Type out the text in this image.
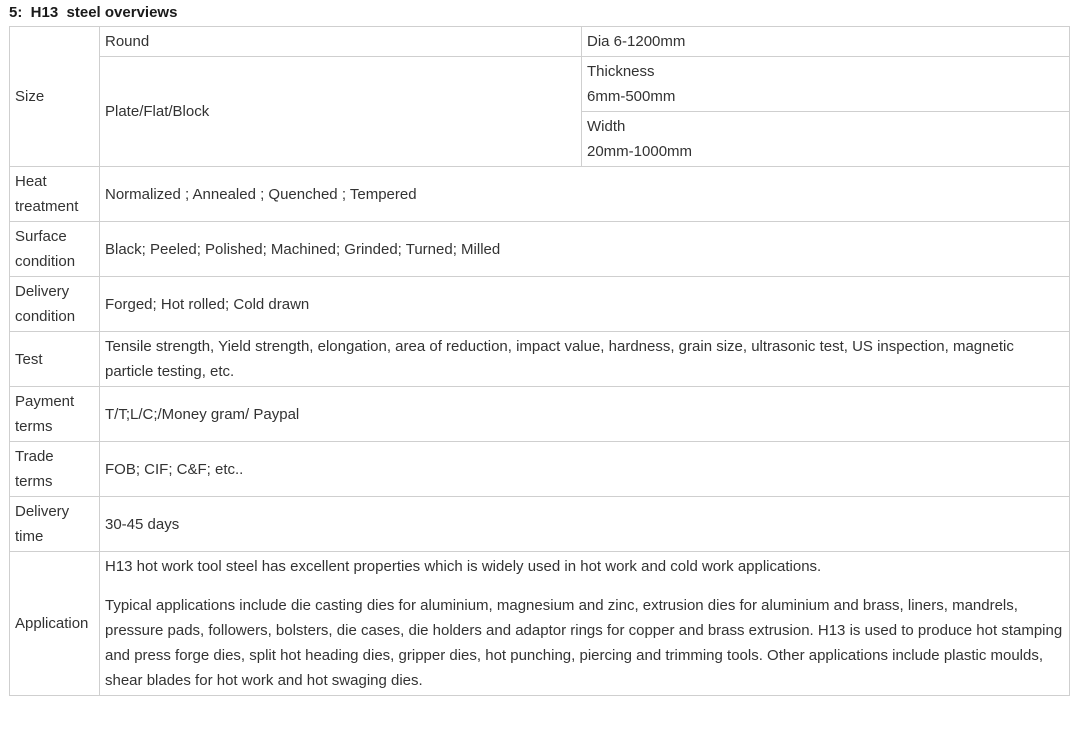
5:  H13  steel overviews
Size	Round	Dia 6-1200mm
	Plate/Flat/Block	Thickness
6mm-500mm

		Width
20mm-1000mm

Heat
treatment	Normalized ; Annealed ; Quenched ; Tempered	

Surface
condition	Black; Peeled; Polished; Machined; Grinded; Turned; Milled	

Delivery
condition	Forged; Hot rolled; Cold drawn	
Test	Tensile strength, Yield strength, elongation, area of reduction, impact value, hardness, grain size, ultrasonic test, US inspection, magnetic particle testing, etc.	

Payment
terms	T/T;L/C;/Money gram/ Paypal	

Trade
terms	FOB; CIF; C&F; etc..	

Delivery
time	30-45 days	
Application	H13 hot work tool steel has excellent properties which is widely used in hot work and cold work applications.

Typical applications include die casting dies for aluminium, magnesium and zinc, extrusion dies for aluminium and brass, liners, mandrels, pressure pads, followers, bolsters, die cases, die holders and adaptor rings for copper and brass extrusion. H13 is used to produce hot stamping and press forge dies, split hot heading dies, gripper dies, hot punching, piercing and trimming tools. Other applications include plastic moulds, shear blades for hot work and hot swaging dies.	
